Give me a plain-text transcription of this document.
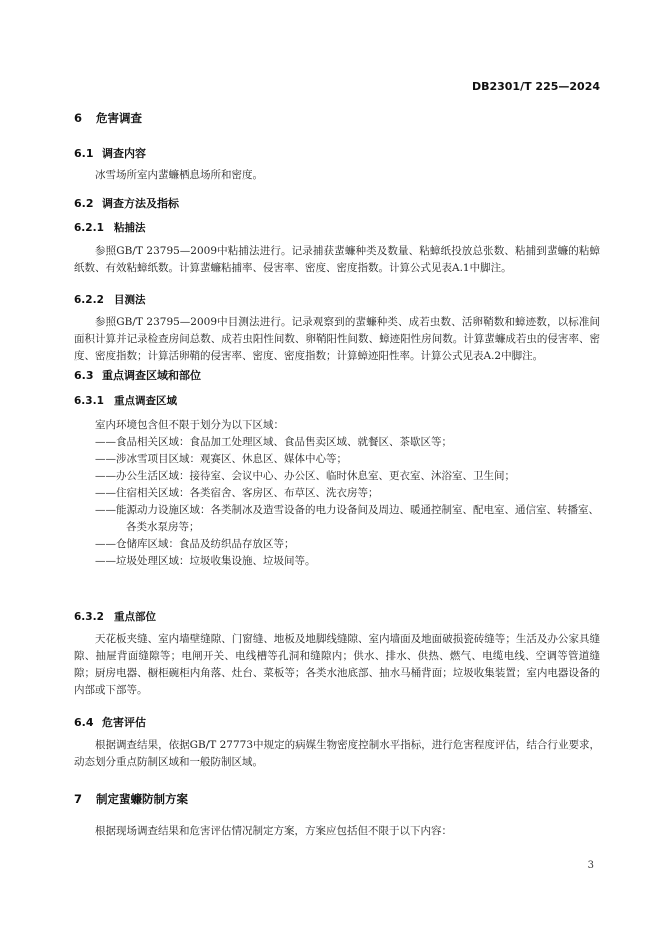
DB2301/T 225—2024
6 危害调查
6.1 调查内容

冰雪场所室内蜚蠊栖息场所和密度。

6.2 调查方法及指标
6.2.1 粘捕法

参照GB/T 23795—2009中粘捕法进行。记录捕获蜚蠊种类及数量、粘蟑纸投放总张数、粘捕到蜚蠊的粘蟑纸数、有效粘蟑纸数。计算蜚蠊粘捕率、侵害率、密度、密度指数。计算公式见表A.1中脚注。

6.2.2 目测法

参照GB/T 23795—2009中目测法进行。记录观察到的蜚蠊种类、成若虫数、活卵鞘数和蟑迹数，以标准间面积计算并记录检查房间总数、成若虫阳性间数、卵鞘阳性间数、蟑迹阳性房间数。计算蜚蠊成若虫的侵害率、密度、密度指数；计算活卵鞘的侵害率、密度、密度指数；计算蟑迹阳性率。计算公式见表A.2中脚注。

6.3 重点调查区域和部位
6.3.1 重点调查区域
室内环境包含但不限于划分为以下区域：
——食品相关区域：食品加工处理区域、食品售卖区域、就餐区、茶歇区等；
——涉冰雪项目区域：观赛区、休息区、媒体中心等；
——办公生活区域：接待室、会议中心、办公区、临时休息室、更衣室、沐浴室、卫生间；
——住宿相关区域：各类宿舍、客房区、布草区、洗衣房等；
——能源动力设施区域：各类制冰及造雪设备的电力设备间及周边、暖通控制室、配电室、通信室、转播室、各类水泵房等；
——仓储库区域：食品及纺织品存放区等；
——垃圾处理区域：垃圾收集设施、垃圾间等。
6.3.2 重点部位

天花板夹缝、室内墙壁缝隙、门窗缝、地板及地脚线缝隙、室内墙面及地面破损瓷砖缝等；生活及办公家具缝隙、抽屉背面缝隙等；电闸开关、电线槽等孔洞和缝隙内；供水、排水、供热、燃气、电缆电线、空调等管道缝隙；厨房电器、橱柜碗柜内角落、灶台、菜板等；各类水池底部、抽水马桶背面；垃圾收集装置；室内电器设备的内部或下部等。

6.4 危害评估

根据调查结果，依据GB/T 27773中规定的病媒生物密度控制水平指标，进行危害程度评估，结合行业要求，动态划分重点防制区域和一般防制区域。

7 制定蜚蠊防制方案

根据现场调查结果和危害评估情况制定方案，方案应包括但不限于以下内容：

3
